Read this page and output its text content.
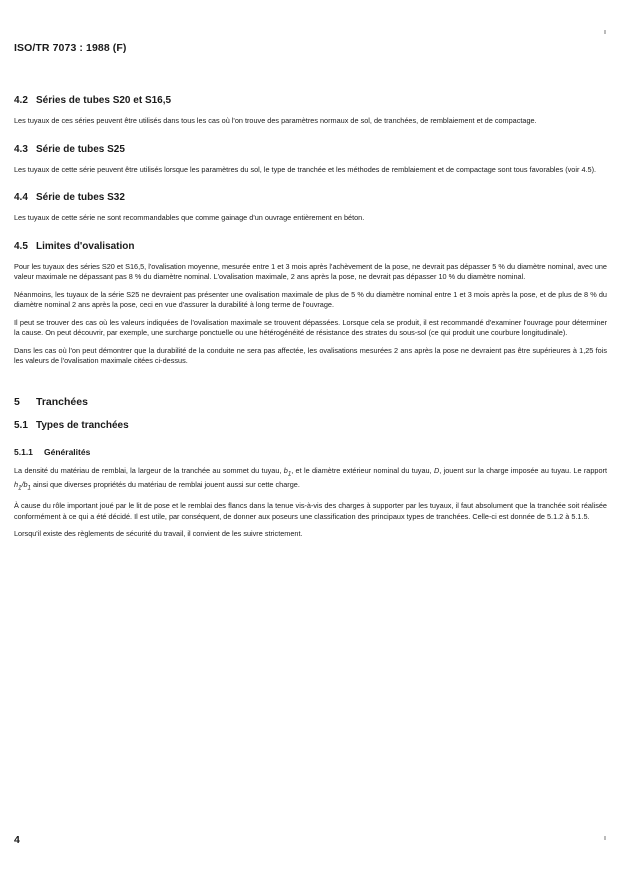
ISO/TR 7073 : 1988 (F)
4.2 Séries de tubes S20 et S16,5

Les tuyaux de ces séries peuvent être utilisés dans tous les cas où l'on trouve des paramètres normaux de sol, de tranchées, de remblaiement et de compactage.

4.3 Série de tubes S25

Les tuyaux de cette série peuvent être utilisés lorsque les paramètres du sol, le type de tranchée et les méthodes de remblaiement et de compactage sont tous favorables (voir 4.5).

4.4 Série de tubes S32

Les tuyaux de cette série ne sont recommandables que comme gainage d'un ouvrage entièrement en béton.

4.5 Limites d'ovalisation

Pour les tuyaux des séries S20 et S16,5, l'ovalisation moyenne, mesurée entre 1 et 3 mois après l'achèvement de la pose, ne devrait pas dépasser 5 % du diamètre nominal, avec une valeur maximale ne dépassant pas 8 % du diamètre nominal. L'ovalisation maximale, 2 ans après la pose, ne devrait pas dépasser 10 % du diamètre nominal.

Néanmoins, les tuyaux de la série S25 ne devraient pas présenter une ovalisation maximale de plus de 5 % du diamètre nominal entre 1 et 3 mois après la pose, et de plus de 8 % du diamètre nominal 2 ans après la pose, ceci en vue d'assurer la durabilité à long terme de l'ouvrage.

Il peut se trouver des cas où les valeurs indiquées de l'ovalisation maximale se trouvent dépassées. Lorsque cela se produit, il est recommandé d'examiner l'ouvrage pour déterminer la cause. On peut découvrir, par exemple, une surcharge ponctuelle ou une hétérogénéité de résistance des strates du sous-sol (ce qui produit une courbure longitudinale).

Dans les cas où l'on peut démontrer que la durabilité de la conduite ne sera pas affectée, les ovalisations mesurées 2 ans après la pose ne devraient pas être supérieures à 1,25 fois les valeurs de l'ovalisation maximale citées ci-dessus.

5 Tranchées
5.1 Types de tranchées
5.1.1 Généralités

La densité du matériau de remblai, la largeur de la tranchée au sommet du tuyau, $b_1$, et le diamètre extérieur nominal du tuyau, D, jouent sur la charge imposée au tuyau. Le rapport $h_1/b_1$ ainsi que diverses propriétés du matériau de remblai jouent aussi sur cette charge.

À cause du rôle important joué par le lit de pose et le remblai des flancs dans la tenue vis-à-vis des charges à supporter par les tuyaux, il faut absolument que la tranchée soit réalisée conformément à ce qui a été décidé. Il est utile, par conséquent, de donner aux poseurs une classification des principaux types de tranchées. Celle-ci est donnée de 5.1.2 à 5.1.5.

Lorsqu'il existe des règlements de sécurité du travail, il convient de les suivre strictement.

4
